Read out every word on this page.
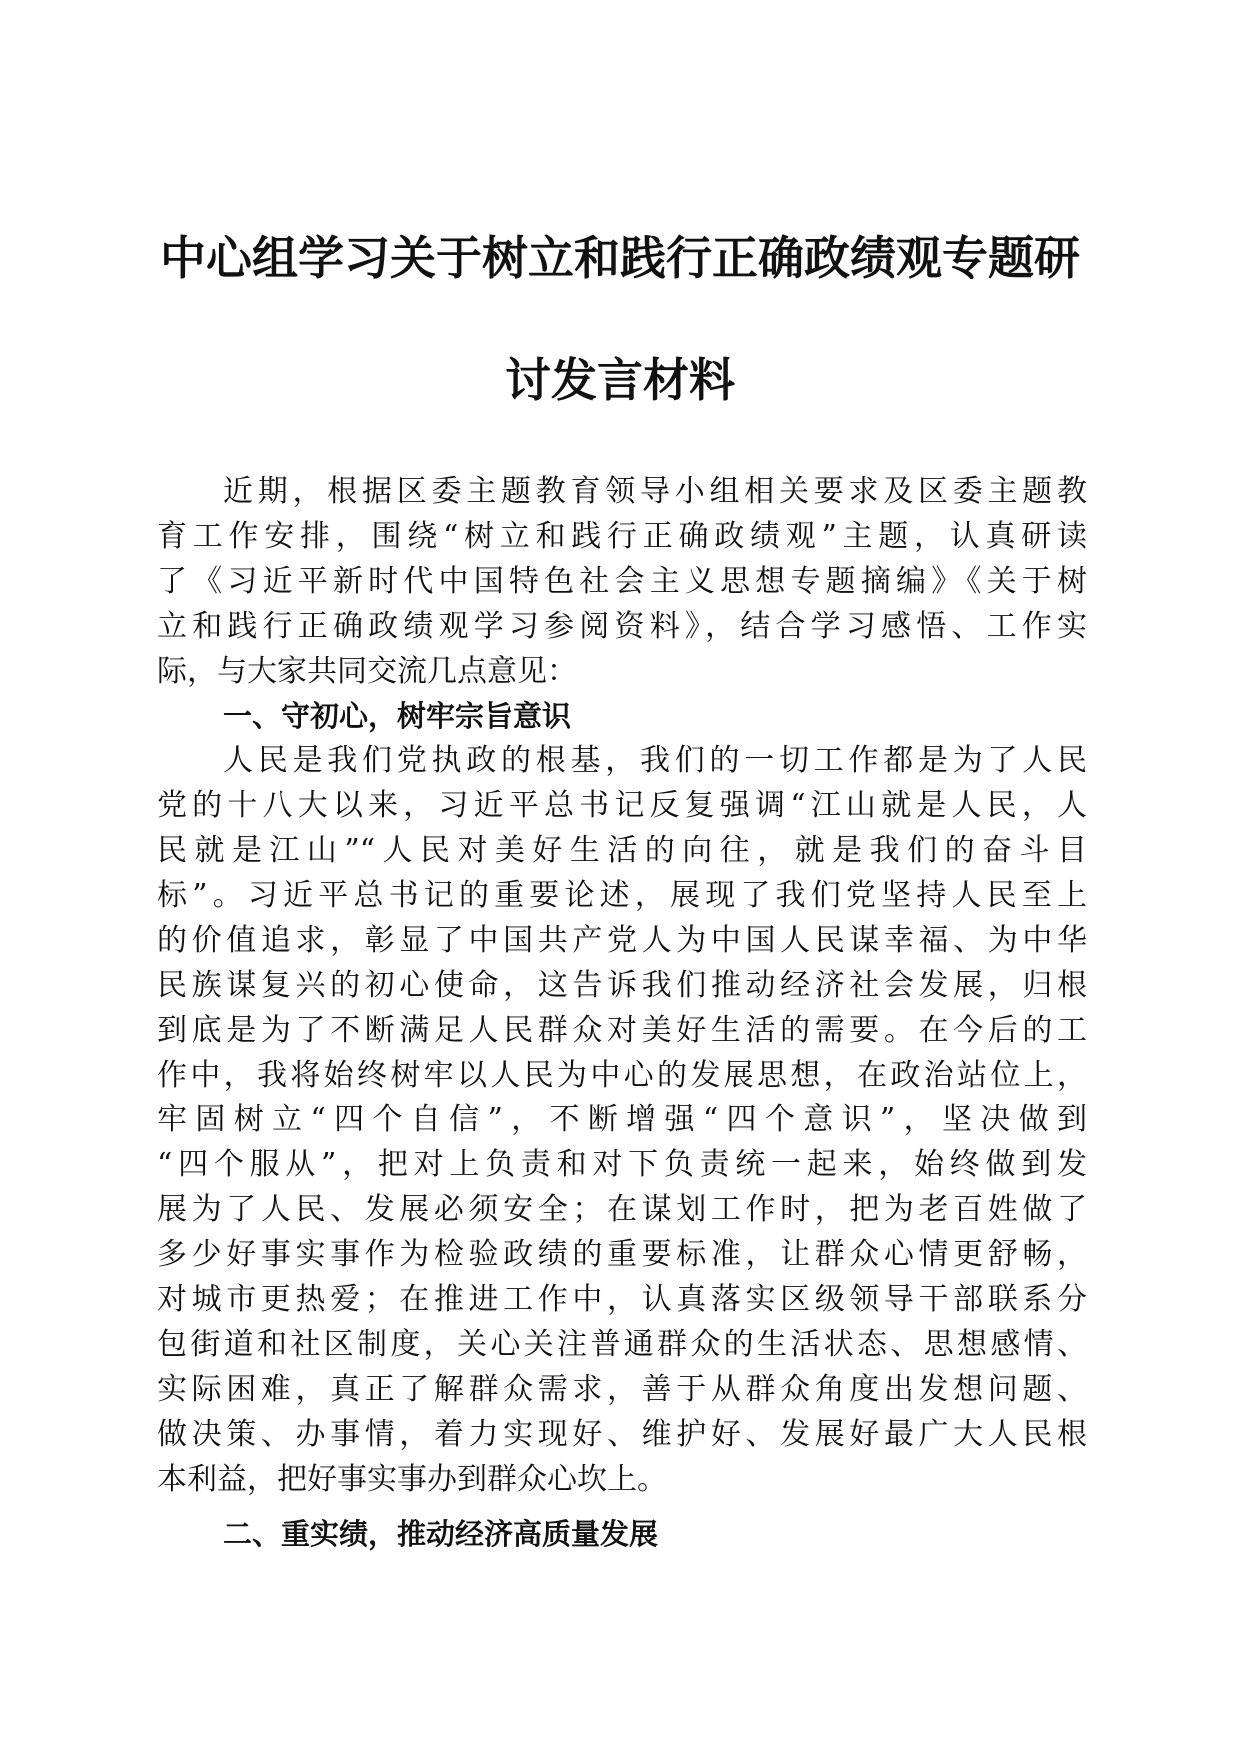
中心组学习关于树立和践行正确政绩观专题研
讨发言材料
近期，根据区委主题教育领导小组相关要求及区委主题教
育工作安排，围绕“树立和践行正确政绩观”主题，认真研读
了《习近平新时代中国特色社会主义思想专题摘编》《关于树
立和践行正确政绩观学习参阅资料》，结合学习感悟、工作实
际，与大家共同交流几点意见：
一、守初心，树牢宗旨意识
人民是我们党执政的根基，我们的一切工作都是为了人民
党的十八大以来，习近平总书记反复强调“江山就是人民，人
民就是江山”“人民对美好生活的向往，就是我们的奋斗目
标”。习近平总书记的重要论述，展现了我们党坚持人民至上
的价值追求，彰显了中国共产党人为中国人民谋幸福、为中华
民族谋复兴的初心使命，这告诉我们推动经济社会发展，归根
到底是为了不断满足人民群众对美好生活的需要。在今后的工
作中，我将始终树牢以人民为中心的发展思想，在政治站位上，
牢固树立“四个自信”，不断增强“四个意识”，坚决做到
“四个服从”，把对上负责和对下负责统一起来，始终做到发
展为了人民、发展必须安全；在谋划工作时，把为老百姓做了
多少好事实事作为检验政绩的重要标准，让群众心情更舒畅，
对城市更热爱；在推进工作中，认真落实区级领导干部联系分
包街道和社区制度，关心关注普通群众的生活状态、思想感情、
实际困难，真正了解群众需求，善于从群众角度出发想问题、
做决策、办事情，着力实现好、维护好、发展好最广大人民根
本利益，把好事实事办到群众心坎上。
二、重实绩，推动经济高质量发展
